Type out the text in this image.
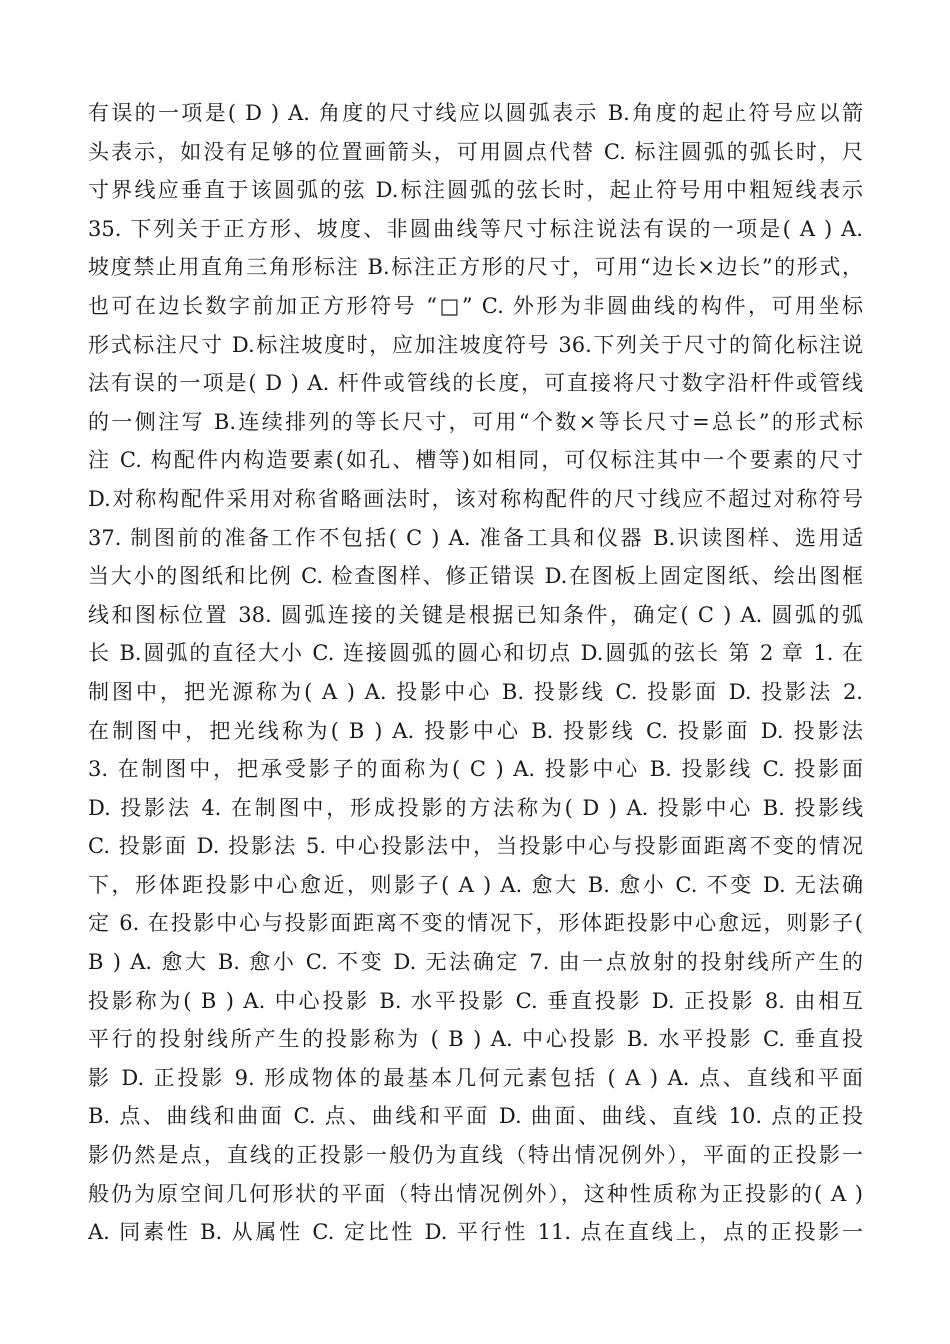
有误的一项是( D ) A. 角度的尺寸线应以圆弧表示 B.角度的起止符号应以箭
头表示，如没有足够的位置画箭头，可用圆点代替 C. 标注圆弧的弧长时，尺
寸界线应垂直于该圆弧的弦 D.标注圆弧的弦长时，起止符号用中粗短线表示
35. 下列关于正方形、坡度、非圆曲线等尺寸标注说法有误的一项是( A ) A.
坡度禁止用直角三角形标注 B.标注正方形的尺寸，可用“边长×边长”的形式，
也可在边长数字前加正方形符号 “□” C. 外形为非圆曲线的构件，可用坐标
形式标注尺寸 D.标注坡度时，应加注坡度符号 36.下列关于尺寸的简化标注说
法有误的一项是( D ) A. 杆件或管线的长度，可直接将尺寸数字沿杆件或管线
的一侧注写 B.连续排列的等长尺寸，可用“个数×等长尺寸=总长”的形式标
注 C. 构配件内构造要素(如孔、槽等)如相同，可仅标注其中一个要素的尺寸
D.对称构配件采用对称省略画法时，该对称构配件的尺寸线应不超过对称符号
37. 制图前的准备工作不包括( C ) A. 准备工具和仪器 B.识读图样、选用适
当大小的图纸和比例 C. 检查图样、修正错误 D.在图板上固定图纸、绘出图框
线和图标位置 38. 圆弧连接的关键是根据已知条件，确定( C ) A. 圆弧的弧
长 B.圆弧的直径大小 C. 连接圆弧的圆心和切点 D.圆弧的弦长 第 2 章 1. 在
制图中，把光源称为( A ) A. 投影中心 B. 投影线 C. 投影面 D. 投影法 2.
在制图中，把光线称为( B ) A. 投影中心 B. 投影线 C. 投影面 D. 投影法
3. 在制图中，把承受影子的面称为( C ) A. 投影中心 B. 投影线 C. 投影面
D. 投影法 4. 在制图中，形成投影的方法称为( D ) A. 投影中心 B. 投影线
C. 投影面 D. 投影法 5. 中心投影法中，当投影中心与投影面距离不变的情况
下，形体距投影中心愈近，则影子( A ) A. 愈大 B. 愈小 C. 不变 D. 无法确
定 6. 在投影中心与投影面距离不变的情况下，形体距投影中心愈远，则影子(
B ) A. 愈大 B. 愈小 C. 不变 D. 无法确定 7. 由一点放射的投射线所产生的
投影称为( B ) A. 中心投影 B. 水平投影 C. 垂直投影 D. 正投影 8. 由相互
平行的投射线所产生的投影称为 ( B ) A. 中心投影 B. 水平投影 C. 垂直投
影 D. 正投影 9. 形成物体的最基本几何元素包括 ( A ) A. 点、直线和平面
B. 点、曲线和曲面 C. 点、曲线和平面 D. 曲面、曲线、直线 10. 点的正投
影仍然是点，直线的正投影一般仍为直线（特出情况例外），平面的正投影一
般仍为原空间几何形状的平面（特出情况例外），这种性质称为正投影的( A )
A. 同素性 B. 从属性 C. 定比性 D. 平行性 11. 点在直线上，点的正投影一
